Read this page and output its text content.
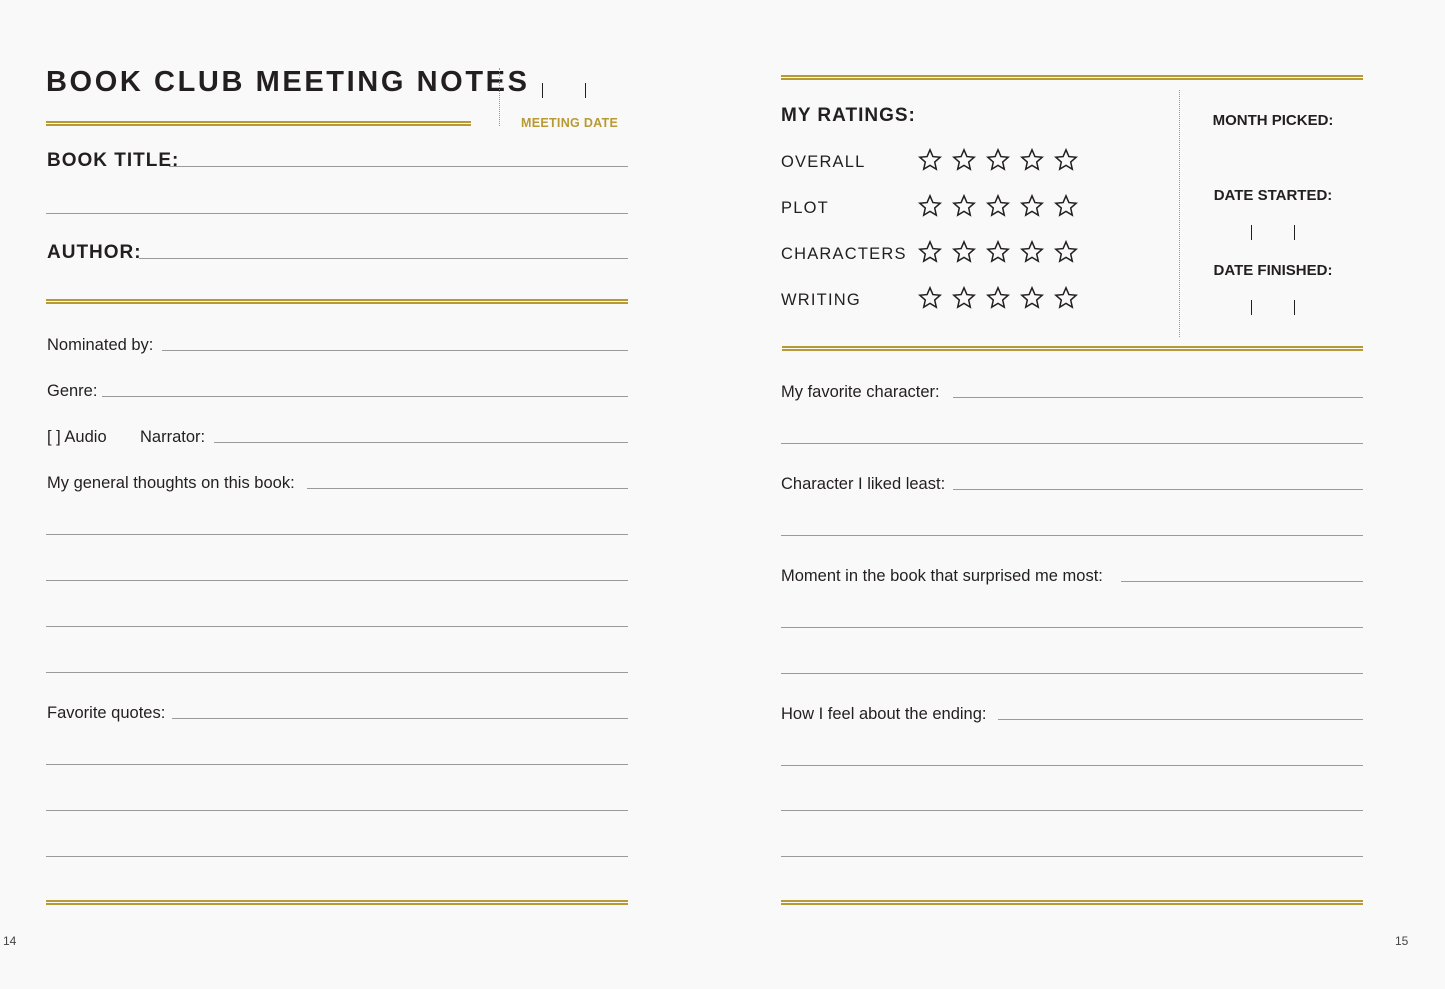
BOOK CLUB MEETING NOTES
MEETING DATE
BOOK TITLE:
AUTHOR:
Nominated by:
Genre:
[ ] Audio Narrator:
My general thoughts on this book:
Favorite quotes:
14
MY RATINGS:
OVERALL
PLOT
CHARACTERS
WRITING
MONTH PICKED:
DATE STARTED:
DATE FINISHED:
My favorite character:
Character I liked least:
Moment in the book that surprised me most:
How I feel about the ending:
15
